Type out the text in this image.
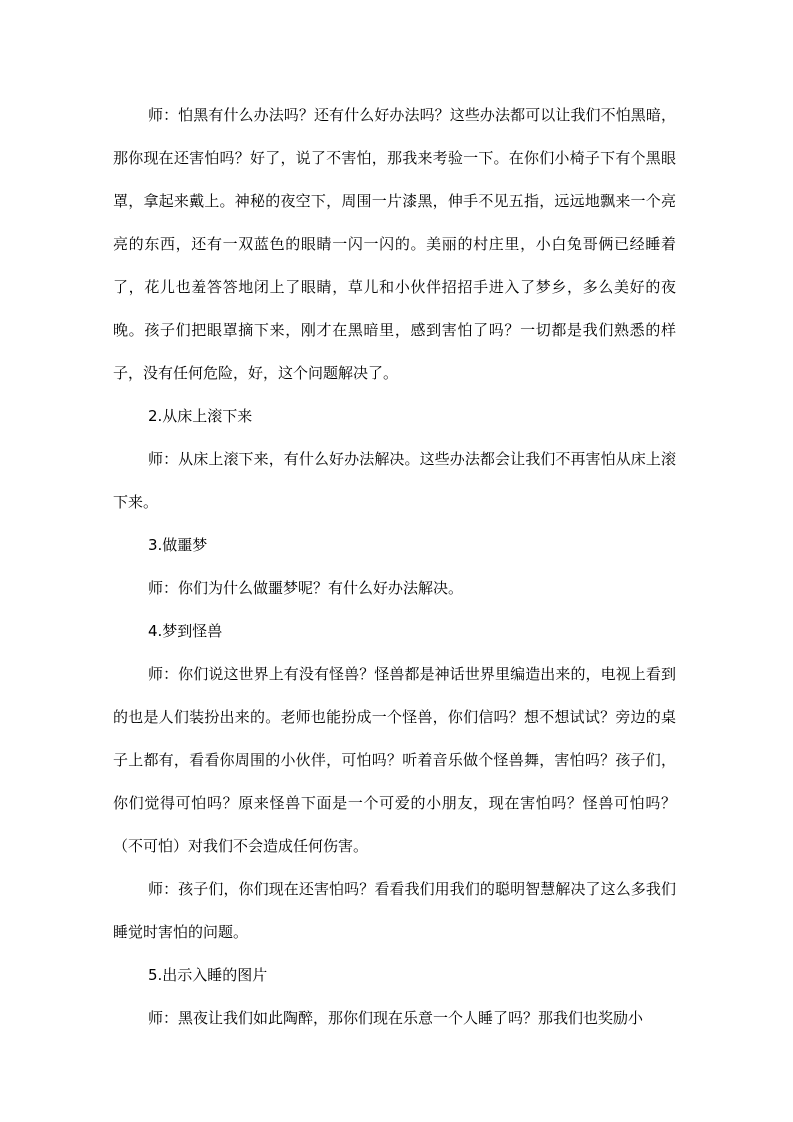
师：怕黑有什么办法吗？还有什么好办法吗？这些办法都可以让我们不怕黑暗，那你现在还害怕吗？好了，说了不害怕，那我来考验一下。在你们小椅子下有个黑眼罩，拿起来戴上。神秘的夜空下，周围一片漆黑，伸手不见五指，远远地飘来一个亮亮的东西，还有一双蓝色的眼睛一闪一闪的。美丽的村庄里，小白兔哥俩已经睡着了，花儿也羞答答地闭上了眼睛，草儿和小伙伴招招手进入了梦乡，多么美好的夜晚。孩子们把眼罩摘下来，刚才在黑暗里，感到害怕了吗？一切都是我们熟悉的样子，没有任何危险，好，这个问题解决了。

2.从床上滚下来

师：从床上滚下来，有什么好办法解决。这些办法都会让我们不再害怕从床上滚下来。

3.做噩梦

师：你们为什么做噩梦呢？有什么好办法解决。

4.梦到怪兽

师：你们说这世界上有没有怪兽？怪兽都是神话世界里编造出来的，电视上看到的也是人们装扮出来的。老师也能扮成一个怪兽，你们信吗？想不想试试？旁边的桌子上都有，看看你周围的小伙伴，可怕吗？听着音乐做个怪兽舞，害怕吗？孩子们，你们觉得可怕吗？原来怪兽下面是一个可爱的小朋友，现在害怕吗？怪兽可怕吗？（不可怕）对我们不会造成任何伤害。

师：孩子们，你们现在还害怕吗？看看我们用我们的聪明智慧解决了这么多我们睡觉时害怕的问题。

5.出示入睡的图片

师：黑夜让我们如此陶醉，那你们现在乐意一个人睡了吗？那我们也奖励小
